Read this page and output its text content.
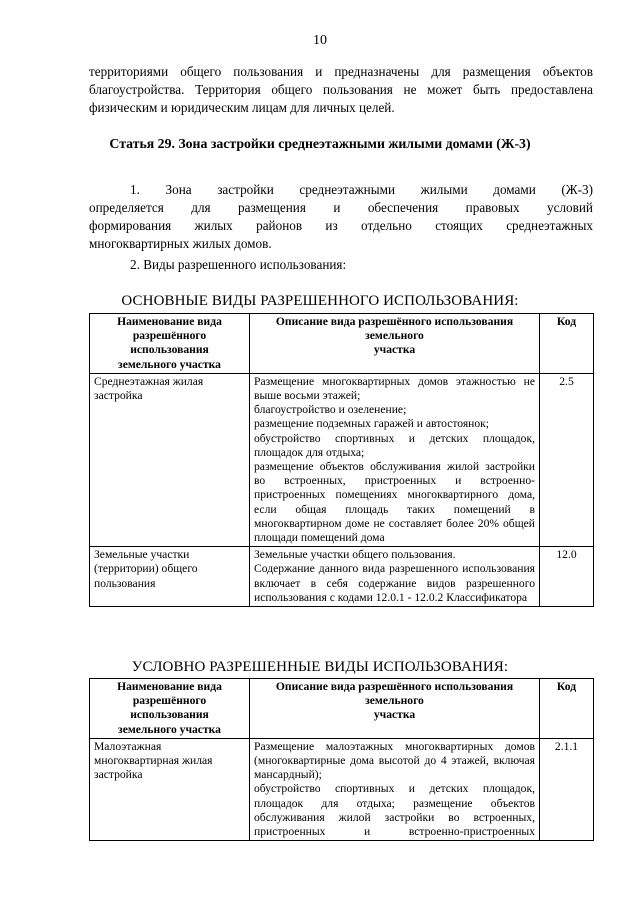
10
территориями общего пользования и предназначены для размещения объектов
благоустройства. Территория общего пользования не может быть предоставлена
физическим и юридическим лицам для личных целей.
Статья 29. Зона застройки среднеэтажными жилыми домами (Ж-3)
1. Зона застройки среднеэтажными жилыми домами (Ж-3)
определяется для размещения и обеспечения правовых условий
формирования жилых районов из отдельно стоящих среднеэтажных
многоквартирных жилых домов.
2. Виды разрешенного использования:
ОСНОВНЫЕ ВИДЫ РАЗРЕШЕННОГО ИСПОЛЬЗОВАНИЯ:
Наименование вида
разрешённого
использования
земельного участка	Описание вида разрешённого использования
земельного
участка	Код
Среднеэтажная жилая застройка	Размещение многоквартирных домов этажностью не выше восьми этажей;
благоустройство и озеленение;
размещение подземных гаражей и автостоянок;
обустройство спортивных и детских площадок, площадок для отдыха;
размещение объектов обслуживания жилой застройки во встроенных, пристроенных и встроенно-пристроенных помещениях многоквартирного дома, если общая площадь таких помещений в многоквартирном доме не составляет более 20% общей площади помещений дома	2.5
Земельные участки (территории) общего пользования	Земельные участки общего пользования.
Содержание данного вида разрешенного использования включает в себя содержание видов разрешенного использования с кодами 12.0.1 - 12.0.2 Классификатора	12.0
УСЛОВНО РАЗРЕШЕННЫЕ ВИДЫ ИСПОЛЬЗОВАНИЯ:
Наименование вида
разрешённого
использования
земельного участка	Описание вида разрешённого использования
земельного
участка	Код
Малоэтажная многоквартирная жилая застройка	Размещение малоэтажных многоквартирных домов (многоквартирные дома высотой до 4 этажей, включая мансардный);
обустройство спортивных и детских площадок, площадок для отдыха; размещение объектов обслуживания жилой застройки во встроенных, пристроенных и встроенно-пристроенных	2.1.1
